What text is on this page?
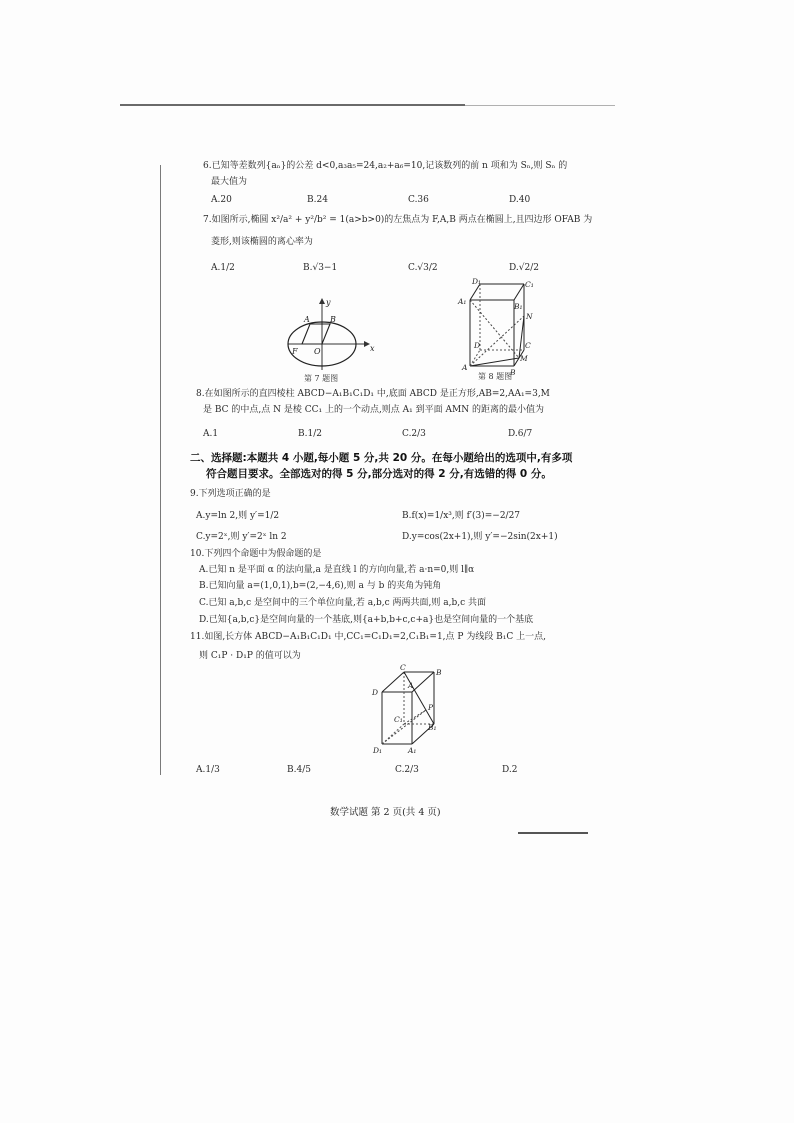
6.已知等差数列{aₙ}的公差 d<0,a₃a₅=24,a₂+a₆=10,记该数列的前 n 项和为 Sₙ,则 Sₙ 的
最大值为
A.20	B.24	C.36	D.40
7.如图所示,椭圆 x²/a² + y²/b² = 1(a>b>0)的左焦点为 F,A,B 两点在椭圆上,且四边形 OFAB 为
菱形,则该椭圆的离心率为
A.1/2	B.√3−1	C.√3/2	D.√2/2
y
A	B
F O	x
第 7 题图
D₁	C₁
A₁
B₁
N
D	C
A
M
B
第 8 题图
8.在如图所示的直四棱柱 ABCD−A₁B₁C₁D₁ 中,底面 ABCD 是正方形,AB=2,AA₁=3,M
是 BC 的中点,点 N 是棱 CC₁ 上的一个动点,则点 A₁ 到平面 AMN 的距离的最小值为
A.1	B.1/2	C.2/3	D.6/7
二、选择题:本题共 4 小题,每小题 5 分,共 20 分。在每小题给出的选项中,有多项
符合题目要求。全部选对的得 5 分,部分选对的得 2 分,有选错的得 0 分。
9.下列选项正确的是
A.y=ln 2,则 y′=1/2	B.f(x)=1/x³,则 f′(3)=−2/27
C.y=2ˣ,则 y′=2ˣ ln 2	D.y=cos(2x+1),则 y′=−2sin(2x+1)
10.下列四个命题中为假命题的是
A.已知 n 是平面 α 的法向量,a 是直线 l 的方向向量,若 a·n=0,则 l∥α
B.已知向量 a=(1,0,1),b=(2,−4,6),则 a 与 b 的夹角为钝角
C.已知 a,b,c 是空间中的三个单位向量,若 a,b,c 两两共面,则 a,b,c 共面
D.已知{a,b,c}是空间向量的一个基底,则{a+b,b+c,c+a}也是空间向量的一个基底
11.如图,长方体 ABCD−A₁B₁C₁D₁ 中,CC₁=C₁D₁=2,C₁B₁=1,点 P 为线段 B₁C 上一点,
则 C₁P · D₁P 的值可以为
C
D
A
B
C₁
P
B₁
D₁	A₁
A.1/3	B.4/5	C.2/3	D.2
数学试题 第 2 页(共 4 页)
